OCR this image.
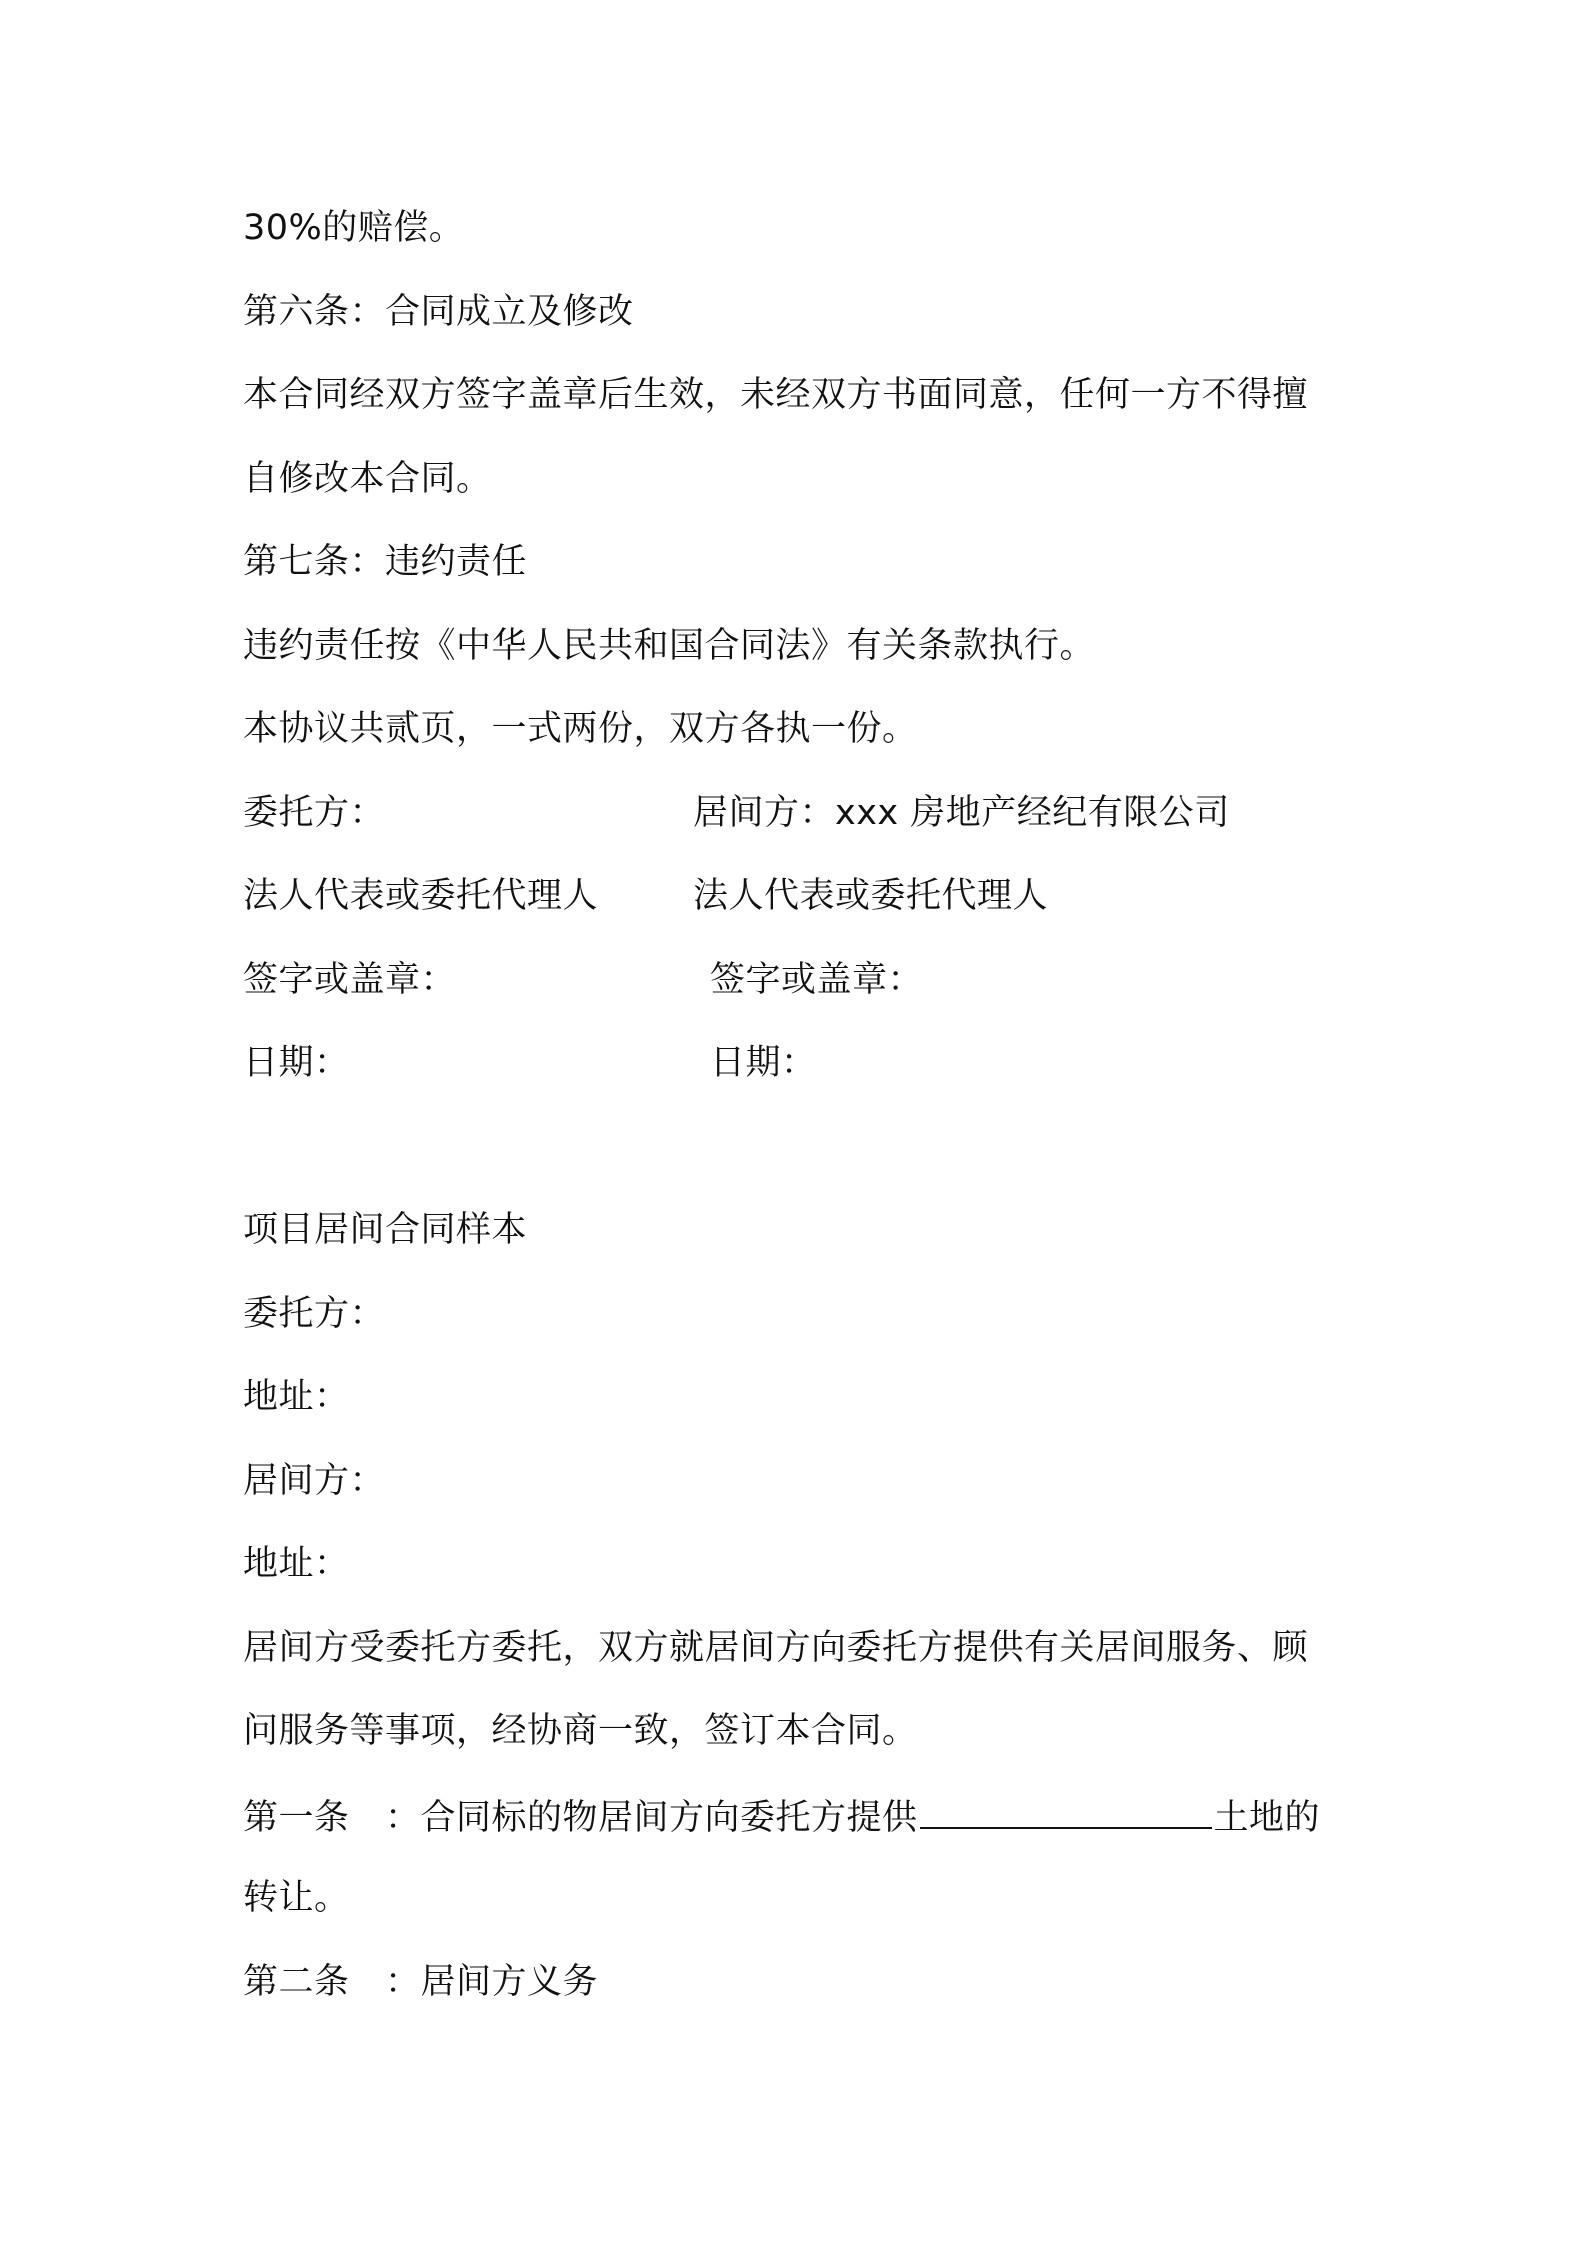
30%的赔偿。
第六条：合同成立及修改
本合同经双方签字盖章后生效，未经双方书面同意，任何一方不得擅
自修改本合同。
第七条：违约责任
违约责任按《中华人民共和国合同法》有关条款执行。
本协议共贰页，一式两份，双方各执一份。
委托方：	居间方：xxx 房地产经纪有限公司
法人代表或委托代理人	法人代表或委托代理人
签字或盖章：	签字或盖章：
日期：	日期：
项目居间合同样本
委托方：
地址：
居间方：
地址：
居间方受委托方委托，双方就居间方向委托方提供有关居间服务、顾
问服务等事项，经协商一致，签订本合同。
第一条　：合同标的物居间方向委托方提供	土地的
转让。
第二条　：居间方义务
